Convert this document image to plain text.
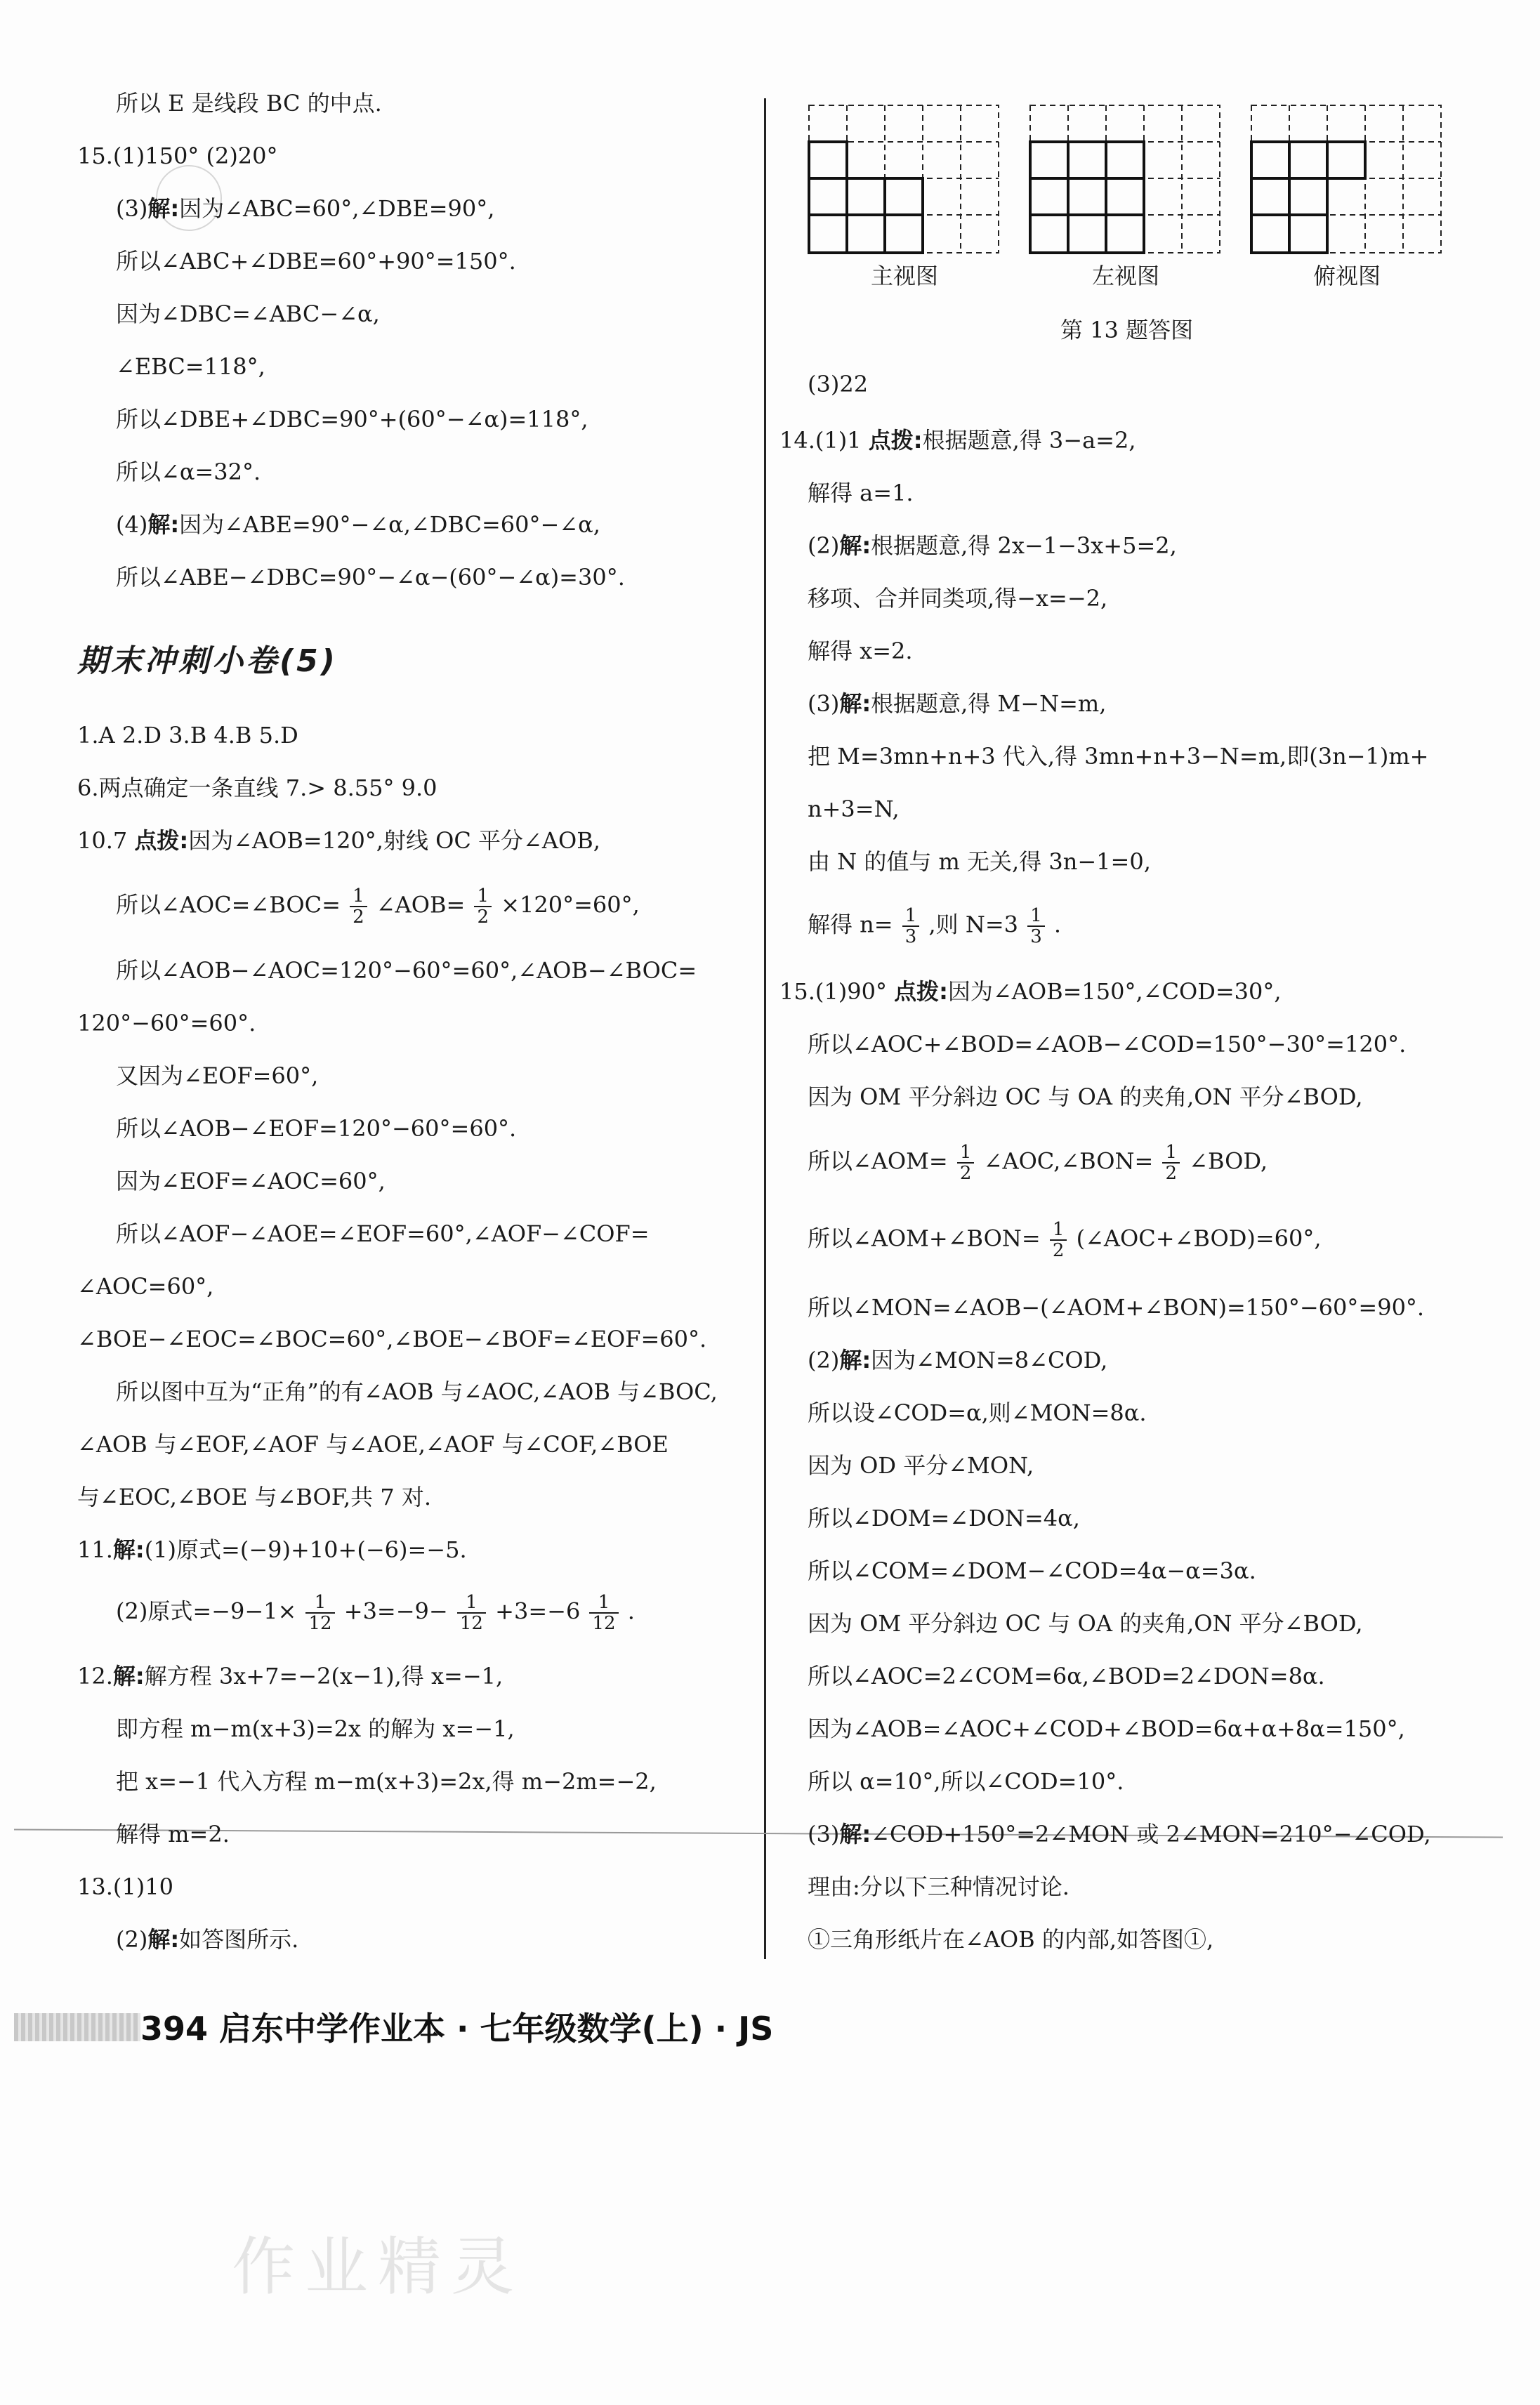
所以 E 是线段 BC 的中点.
15.(1)150° (2)20°
(3)解:因为∠ABC=60°,∠DBE=90°,
所以∠ABC+∠DBE=60°+90°=150°.
因为∠DBC=∠ABC−∠α,
∠EBC=118°,
所以∠DBE+∠DBC=90°+(60°−∠α)=118°,
所以∠α=32°.
(4)解:因为∠ABE=90°−∠α,∠DBC=60°−∠α,
所以∠ABE−∠DBC=90°−∠α−(60°−∠α)=30°.
期末冲刺小卷(5)
1.A 2.D 3.B 4.B 5.D
6.两点确定一条直线 7.> 8.55° 9.0
10.7 点拨:因为∠AOB=120°,射线 OC 平分∠AOB,
所以∠AOC=∠BOC= $\frac{1}{2}$ ∠AOB= $\frac{1}{2} \times 120^\circ=60^\circ$,
所以∠AOB−∠AOC=120°−60°=60°,∠AOB−∠BOC=
120°−60°=60°.
又因为∠EOF=60°,
所以∠AOB−∠EOF=120°−60°=60°.
因为∠EOF=∠AOC=60°,
所以∠AOF−∠AOE=∠EOF=60°,∠AOF−∠COF=
∠AOC=60°,
∠BOE−∠EOC=∠BOC=60°,∠BOE−∠BOF=∠EOF=60°.
所以图中互为“正角”的有∠AOB 与∠AOC,∠AOB 与∠BOC,
∠AOB 与∠EOF,∠AOF 与∠AOE,∠AOF 与∠COF,∠BOE
与∠EOC,∠BOE 与∠BOF,共 7 对.
11.解:(1)原式=(−9)+10+(−6)=−5.
(2)原式$=-9-1\times \frac{1}{12} +3=-9- \frac{1}{12} +3=-6 \frac{1}{12}$ .
12.解:解方程 3x+7=−2(x−1),得 x=−1,
即方程 m−m(x+3)=2x 的解为 x=−1,
把 x=−1 代入方程 m−m(x+3)=2x,得 m−2m=−2,
解得 m=2.
13.(1)10
(2)解:如答图所示.
主视图	左视图	俯视图
第 13 题答图
(3)22
14.(1)1 点拨:根据题意,得 3−a=2,
解得 a=1.
(2)解:根据题意,得 2x−1−3x+5=2,
移项、合并同类项,得−x=−2,
解得 x=2.
(3)解:根据题意,得 M−N=m,
把 M=3mn+n+3 代入,得 3mn+n+3−N=m,即(3n−1)m+
n+3=N,
由 N 的值与 m 无关,得 3n−1=0,
解得 $n= \frac{1}{3}$ ,则 $N=3 \frac{1}{3}$ .
15.(1)90° 点拨:因为∠AOB=150°,∠COD=30°,
所以∠AOC+∠BOD=∠AOB−∠COD=150°−30°=120°.
因为 OM 平分斜边 OC 与 OA 的夹角,ON 平分∠BOD,
所以∠AOM= $\frac{1}{2}$ ∠AOC,∠BON= $\frac{1}{2}$ ∠BOD,
所以∠AOM+∠BON= $\frac{1}{2}$ (∠AOC+∠BOD)=60°,
所以∠MON=∠AOB−(∠AOM+∠BON)=150°−60°=90°.
(2)解:因为∠MON=8∠COD,
所以设∠COD=α,则∠MON=8α.
因为 OD 平分∠MON,
所以∠DOM=∠DON=4α,
所以∠COM=∠DOM−∠COD=4α−α=3α.
因为 OM 平分斜边 OC 与 OA 的夹角,ON 平分∠BOD,
所以∠AOC=2∠COM=6α,∠BOD=2∠DON=8α.
因为∠AOB=∠AOC+∠COD+∠BOD=6α+α+8α=150°,
所以 α=10°,所以∠COD=10°.
(3)解:∠COD+150°=2∠MON 或 2∠MON=210°−∠COD,
理由:分以下三种情况讨论.
①三角形纸片在∠AOB 的内部,如答图①,
394 启东中学作业本 · 七年级数学(上) · JS
作业精灵
